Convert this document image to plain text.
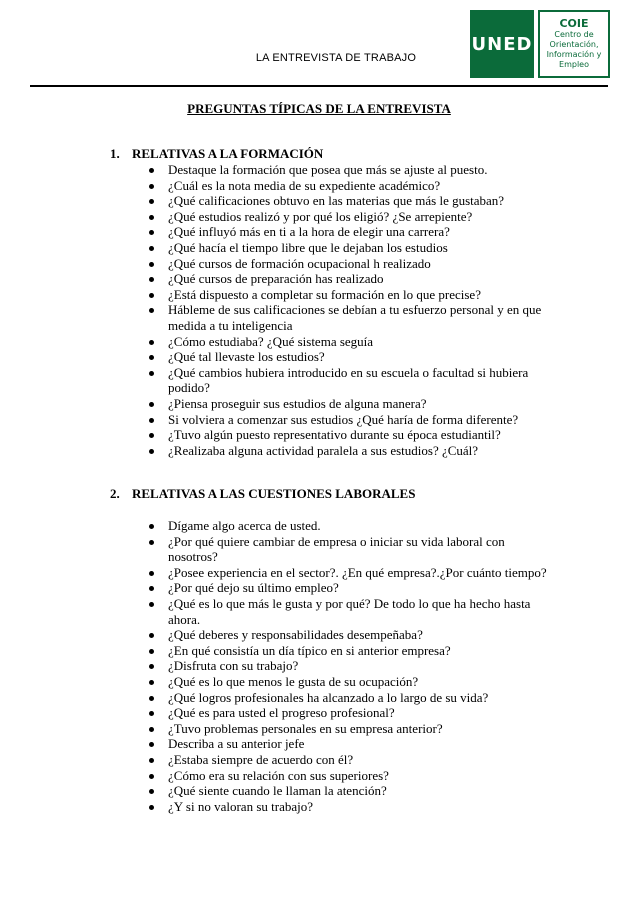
LA ENTREVISTA DE TRABAJO
UNED
COIE
Centro de
Orientación,
Información y
Empleo
PREGUNTAS TÍPICAS DE LA ENTREVISTA
1. RELATIVAS A LA FORMACIÓN
Destaque la formación que posea que más se ajuste al puesto.
¿Cuál es la nota media de su expediente académico?
¿Qué calificaciones obtuvo en las materias que más le gustaban?
¿Qué estudios realizó y por qué los eligió? ¿Se arrepiente?
¿Qué influyó más en ti a la hora de elegir una carrera?
¿Qué hacía el tiempo libre que le dejaban los estudios
¿Qué cursos de formación ocupacional h realizado
¿Qué cursos de preparación has realizado
¿Está dispuesto a completar su formación en lo que precise?
Hábleme de sus calificaciones se debían a tu esfuerzo personal y en que medida a tu inteligencia
¿Cómo estudiaba? ¿Qué sistema seguía
¿Qué tal llevaste los estudios?
¿Qué cambios hubiera introducido en su escuela o facultad si hubiera podido?
¿Piensa proseguir sus estudios de alguna manera?
Si volviera a comenzar sus estudios ¿Qué haría de forma diferente?
¿Tuvo algún puesto representativo durante su época estudiantil?
¿Realizaba alguna actividad paralela a sus estudios? ¿Cuál?
2. RELATIVAS A LAS CUESTIONES LABORALES
Dígame algo acerca de usted.
¿Por qué quiere cambiar de empresa o iniciar su vida laboral con nosotros?
¿Posee experiencia en el sector?. ¿En qué empresa?.¿Por cuánto tiempo?
¿Por qué dejo su último empleo?
¿Qué es lo que más le gusta y por qué? De todo lo que ha hecho hasta ahora.
¿Qué deberes y responsabilidades desempeñaba?
¿En qué consistía un día típico en si anterior empresa?
¿Disfruta con su trabajo?
¿Qué es lo que menos le gusta de su ocupación?
¿Qué logros profesionales ha alcanzado a lo largo de su vida?
¿Qué es para usted el progreso profesional?
¿Tuvo problemas personales en su empresa anterior?
Describa a su anterior jefe
¿Estaba siempre de acuerdo con él?
¿Cómo era su relación con sus superiores?
¿Qué siente cuando le llaman la atención?
¿Y si no valoran su trabajo?
